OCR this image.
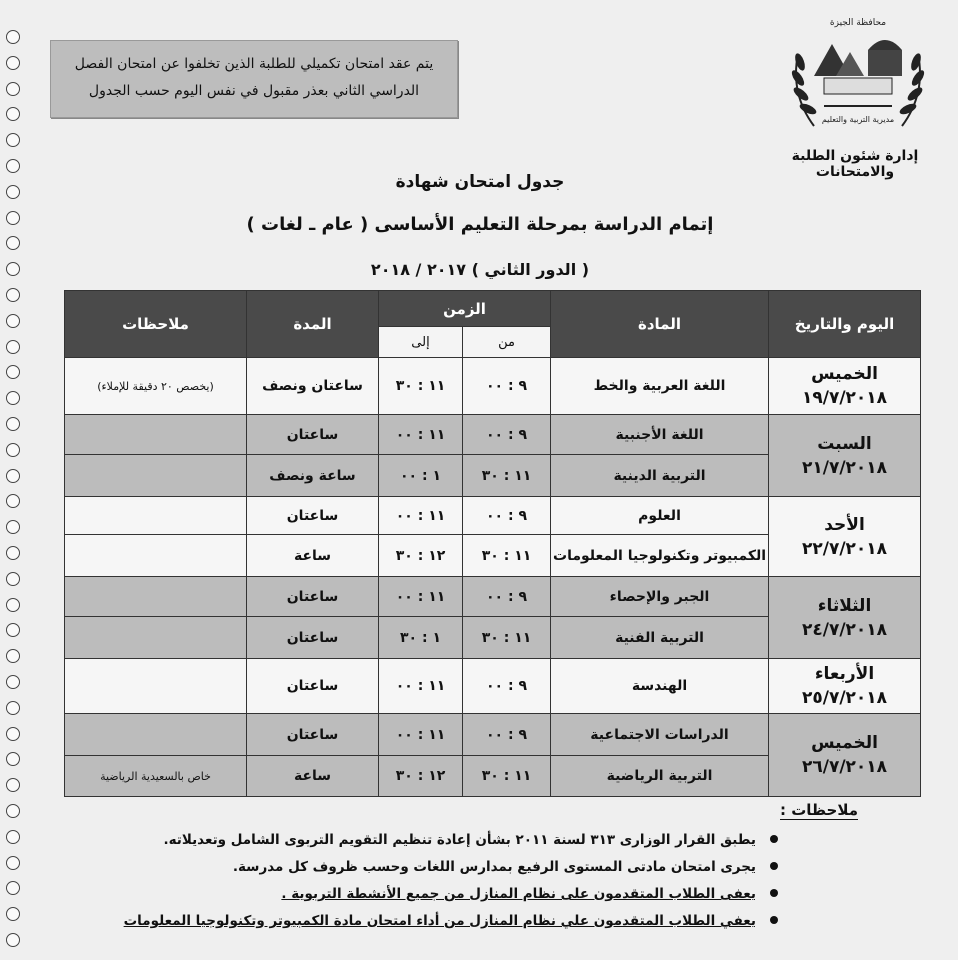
يتم عقد امتحان تكميلي للطلبة الذين تخلفوا عن امتحان الفصل
الدراسي الثاني بعذر مقبول في نفس اليوم حسب الجدول
محافظة الجيزة
مديرية التربية والتعليم
إدارة شئون الطلبة والامتحانات
جدول امتحان شهادة
إتمام الدراسة بمرحلة التعليم الأساسى ( عام ـ لغات )
( الدور الثاني ) ٢٠١٧ / ٢٠١٨
اليوم والتاريخ	المادة	الزمن		المدة	ملاحظات
		من	إلى		

الخميس
١٩/٧/٢٠١٨	اللغة العربية والخط	٩ : ٠٠	١١ : ٣٠	ساعتان ونصف	(يخصص ٢٠ دقيقة للإملاء)

السبت
٢١/٧/٢٠١٨	اللغة الأجنبية	٩ : ٠٠	١١ : ٠٠	ساعتان	
	التربية الدينية	١١ : ٣٠	١ : ٠٠	ساعة ونصف	

الأحد
٢٢/٧/٢٠١٨	العلوم	٩ : ٠٠	١١ : ٠٠	ساعتان	
	الكمبيوتر وتكنولوجيا المعلومات	١١ : ٣٠	١٢ : ٣٠	ساعة	

الثلاثاء
٢٤/٧/٢٠١٨	الجبر والإحصاء	٩ : ٠٠	١١ : ٠٠	ساعتان	
	التربية الفنية	١١ : ٣٠	١ : ٣٠	ساعتان	

الأربعاء
٢٥/٧/٢٠١٨	الهندسة	٩ : ٠٠	١١ : ٠٠	ساعتان	

الخميس
٢٦/٧/٢٠١٨	الدراسات الاجتماعية	٩ : ٠٠	١١ : ٠٠	ساعتان	
	التربية الرياضية	١١ : ٣٠	١٢ : ٣٠	ساعة	خاص بالسعيدية الرياضية
ملاحظات :
يطبق القرار الوزارى ٣١٣ لسنة ٢٠١١ بشأن إعادة تنظيم التقويم التربوى الشامل وتعديلاته.
يجرى امتحان مادتى المستوى الرفيع بمدارس اللغات وحسب ظروف كل مدرسة.
يعفى الطلاب المتقدمون على نظام المنازل من جميع الأنشطة التربوية .
يعفي الطلاب المتقدمون علي نظام المنازل من أداء امتحان مادة الكمبيوتر وتكنولوجيا المعلومات
